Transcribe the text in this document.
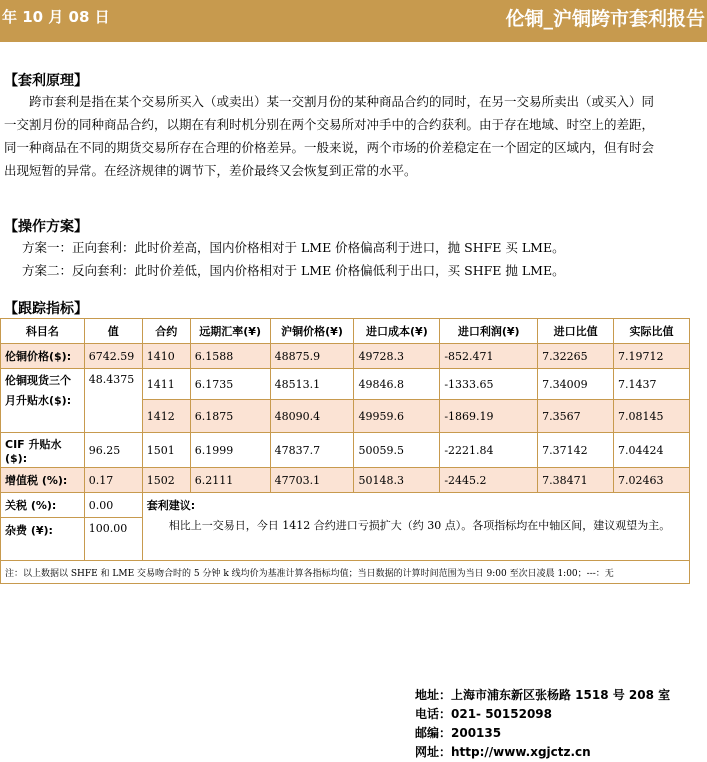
年 10 月 08 日	伦铜_沪铜跨市套利报告
【套利原理】
跨市套利是指在某个交易所买入（或卖出）某一交割月份的某种商品合约的同时，在另一交易所卖出（或买入）同一交割月份的同种商品合约，以期在有利时机分别在两个交易所对冲手中的合约获利。由于存在地域、时空上的差距，同一种商品在不同的期货交易所存在合理的价格差异。一般来说，两个市场的价差稳定在一个固定的区域内，但有时会出现短暂的异常。在经济规律的调节下，差价最终又会恢复到正常的水平。
【操作方案】
方案一：正向套利：此时价差高，国内价格相对于 LME 价格偏高利于进口，抛 SHFE 买 LME。
方案二：反向套利：此时价差低，国内价格相对于 LME 价格偏低利于出口，买 SHFE 抛 LME。
【跟踪指标】
科目名	值	合约	远期汇率(¥)	沪铜价格(¥)	进口成本(¥)	进口利润(¥)	进口比值	实际比值
伦铜价格($):	6742.59	1410	6.1588	48875.9	49728.3	-852.471	7.32265	7.19712
伦铜现货三个月升贴水($):	48.4375	1411	6.1735	48513.1	49846.8	-1333.65	7.34009	7.1437
		1412	6.1875	48090.4	49959.6	-1869.19	7.3567	7.08145
CIF 升贴水($):	96.25	1501	6.1999	47837.7	50059.5	-2221.84	7.37142	7.04424
增值税 (%):	0.17	1502	6.2111	47703.1	50148.3	-2445.2	7.38471	7.02463
关税 (%):	0.00	套利建议:
相比上一交易日，今日 1412 合约进口亏损扩大（约 30 点）。各项指标均在中轴区间，建议观望为主。						

杂费 (¥):	100.00							
注：以上数据以 SHFE 和 LME 交易吻合时的 5 分钟 k 线均价为基准计算各指标均值；当日数据的计算时间范围为当日 9:00 至次日凌晨 1:00；---：无								
地址：上海市浦东新区张杨路 1518 号 208 室
电话：021- 50152098
邮编：200135
网址：http://www.xgjctz.cn
